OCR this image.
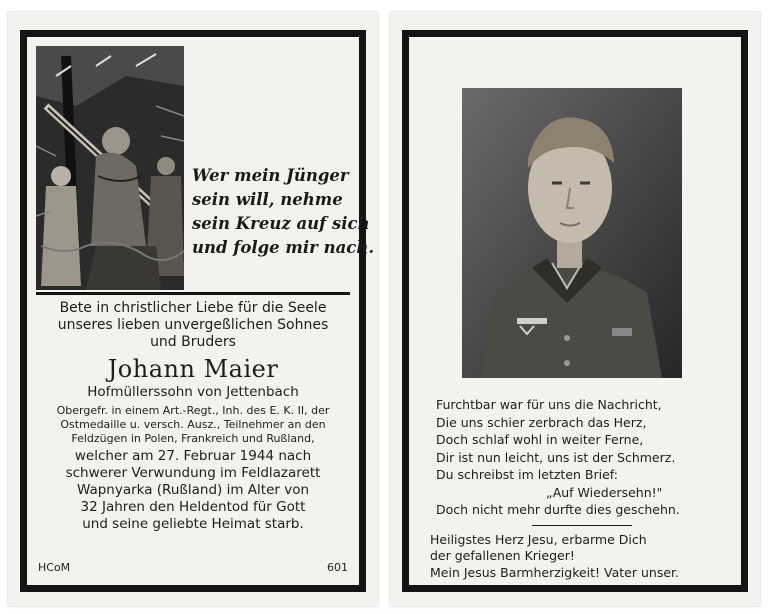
Wer mein Jünger
sein will, nehme
sein Kreuz auf sich
und folge mir nach.
Bete in christlicher Liebe für die Seele
unseres lieben unvergeßlichen Sohnes
und Bruders
Johann Maier
Hofmüllerssohn von Jettenbach
Obergefr. in einem Art.-Regt., Inh. des E. K. II, der
Ostmedaille u. versch. Ausz., Teilnehmer an den
Feldzügen in Polen, Frankreich und Rußland,
welcher am 27. Februar 1944 nach
schwerer Verwundung im Feldlazarett
Wapnyarka (Rußland) im Alter von
32 Jahren den Heldentod für Gott
und seine geliebte Heimat starb.
HCoM	601
Furchtbar war für uns die Nachricht,
Die uns schier zerbrach das Herz,
Doch schlaf wohl in weiter Ferne,
Dir ist nun leicht, uns ist der Schmerz.
Du schreibst im letzten Brief:
„Auf Wiedersehn!"
Doch nicht mehr durfte dies geschehn.
Heiligstes Herz Jesu, erbarme Dich
der gefallenen Krieger!
Mein Jesus Barmherzigkeit! Vater unser.
